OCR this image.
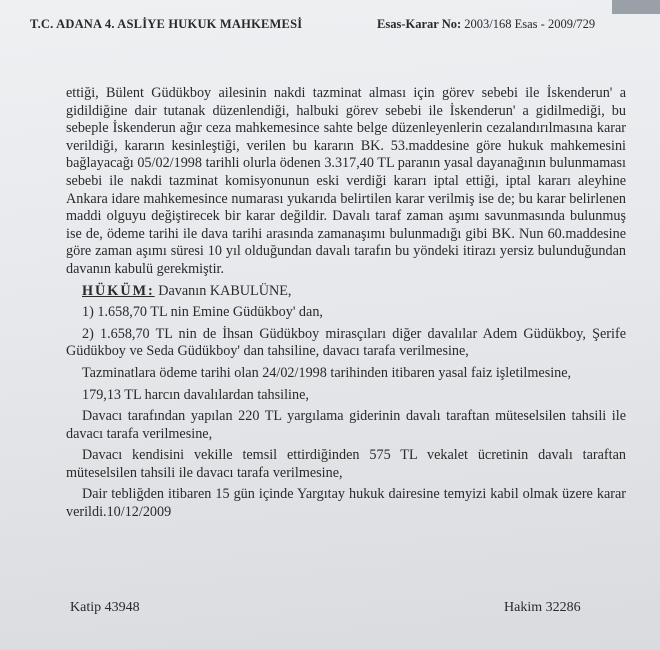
T.C. ADANA 4. ASLİYE HUKUK MAHKEMESİ	Esas-Karar No: 2003/168 Esas - 2009/729

ettiği, Bülent Güdükboy ailesinin nakdi tazminat alması için görev sebebi ile İskenderun' a gidildiğine dair tutanak düzenlendiği, halbuki görev sebebi ile İskenderun' a gidilmediği, bu sebeple İskenderun ağır ceza mahkemesince sahte belge düzenleyenlerin cezalandırılmasına karar verildiği, kararın kesinleştiği, verilen bu kararın BK. 53.maddesine göre hukuk mahkemesini bağlayacağı 05/02/1998 tarihli olurla ödenen 3.317,40 TL paranın yasal dayanağının bulunmaması sebebi ile nakdi tazminat komisyonunun eski verdiği kararı iptal ettiği, iptal kararı aleyhine Ankara idare mahkemesince numarası yukarıda belirtilen karar verilmiş ise de; bu karar belirlenen maddi olguyu değiştirecek bir karar değildir. Davalı taraf zaman aşımı savunmasında bulunmuş ise de, ödeme tarihi ile dava tarihi arasında zamanaşımı bulunmadığı gibi BK. Nun 60.maddesine göre zaman aşımı süresi 10 yıl olduğundan davalı tarafın bu yöndeki itirazı yersiz bulunduğundan davanın kabulü gerekmiştir.

HÜKÜM: Davanın KABULÜNE,

1) 1.658,70 TL nin Emine Güdükboy' dan,

2) 1.658,70 TL nin de İhsan Güdükboy mirasçıları diğer davalılar Adem Güdükboy, Şerife Güdükboy ve Seda Güdükboy' dan tahsiline, davacı tarafa verilmesine,

Tazminatlara ödeme tarihi olan 24/02/1998 tarihinden itibaren yasal faiz işletilmesine,

179,13 TL harcın davalılardan tahsiline,

Davacı tarafından yapılan 220 TL yargılama giderinin davalı taraftan müteselsilen tahsili ile davacı tarafa verilmesine,

Davacı kendisini vekille temsil ettirdiğinden 575 TL vekalet ücretinin davalı taraftan müteselsilen tahsili ile davacı tarafa verilmesine,

Dair tebliğden itibaren 15 gün içinde Yargıtay hukuk dairesine temyizi kabil olmak üzere karar verildi.10/12/2009

Katip 43948	Hakim 32286
